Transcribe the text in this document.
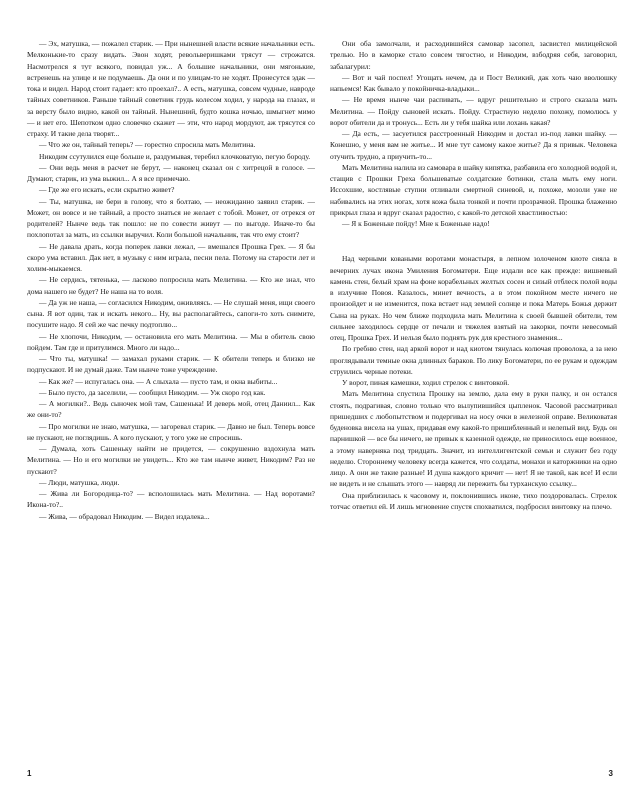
— Эх, матушка, — пожалел старик. — При нынешней власти всякие начальники есть. Мелконькие-то сразу видать. Эвон ходят, револьверишками трясут — строжатся. Насмотрелся я тут всякого, повидал уж... А большие начальники, они мягонькие, встренешь на улице и не подумаешь. Да они и по улицам-то не ходят. Пронесутся эдак — тока и видел. Народ стоит гадает: кто проехал?.. А есть, матушка, совсем чудные, навроде тайных советников. Раньше тайный советник грудь колесом ходил, у народа на глазах, и за версту было видно, какой он тайный. Нынешний, будто кошка ночью, шмыгнет мимо — и нет его. Шепотком одно словечко скажет — эти, что народ мордуют, аж трясутся со страху. И такие дела творят...

— Что же он, тайный теперь? — горестно спросила мать Мелитина.

Никодим ссутулился еще больше и, раздумывая, теребил клочковатую, пегую бороду.

— Они ведь меня в расчет не берут, — наконец сказал он с хитрецой в голосе. — Думают, старик, из ума выжил... А я все примечаю.

— Где же его искать, если скрытно живет?

— Ты, матушка, не бери в голову, что я болтаю, — неожиданно заявил старик. — Может, он вовсе и не тайный, а просто знаться не желает с тобой. Может, от отрекся от родителей? Нынче ведь так пошло: не по совести живут — по выгоде. Иначе-то бы похлопотал за мать, из ссылки выручил. Коли большой начальник, так что ему стоит?

— Не давала драть, когда поперек лавки лежал, — вмешался Прошка Грех. — Я бы скоро ума вставил. Дак нет, в музыку с ним играла, песни пела. Потому на старости лет и холим-мыкаемся.

— Не сердись, тятенька, — ласково попросила мать Мелитина. — Кто же знал, что дома нашего не будет? Не наша на то воля.

— Да уж не наша, — согласился Никодим, оживляясь. — Не слушай меня, ищи своего сына. Я вот один, так и искать некого... Ну, вы располагайтесь, сапоги-то хоть снимите, посушите надо. Я сей же час печку подтоплю...

— Не хлопочи, Никодим, — остановила его мать Мелитина. — Мы в обитель свою пойдем. Там где и притулимся. Много ли надо...

— Что ты, матушка! — замахал руками старик. — К обители теперь и близко не подпускают. И не думай даже. Там нынче тоже учреждение.

— Как же? — испугалась она. — А слыхала — пусто там, и окна выбиты...

— Было пусто, да заселили, — сообщил Никодим. — Уж скоро год как.

— А могилки?.. Ведь сыночек мой там, Сашенька! И деверь мой, отец Даниил... Как же они-то?

— Про могилки не знаю, матушка, — загоревал старик. — Давно не был. Теперь вовсе не пускают, не поглядишь. А кого пускают, у того уже не спросишь.

— Думала, хоть Сашеньку найти не придется, — сокрушенно вздохнула мать Мелитина. — Но и его могилки не увидеть... Кто же там нынче живет, Никодим? Раз не пускают?

— Люди, матушка, люди.

— Жива ли Богородица-то? — всполошилась мать Мелитина. — Над воротами? Икона-то?..

— Жива, — обрадовал Никодим. — Видел издалека...

Они оба замолчали, и расходившийся самовар засопел, засвистел милицейской трелью. Но в каморке стало совсем тягостно, и Никодим, взбодряя себя, заговорил, забалагурил:

— Вот и чай поспел! Угощать нечем, да и Пост Великий, дак хоть чаю вволюшку напьемся! Как бывало у покойничка-владыки...

— Не время нынче чаи распивать, — вдруг решительно и строго сказала мать Мелитина. — Пойду сыновей искать. Пойду. Страстную неделю похожу, помолюсь у ворот обители да и тронусь... Есть ли у тебя шайка или лохань какая?

— Да есть, — засуетился расстроенный Никодим и достал из-под лавки шайку. — Конешно, у меня вам не житье... И мне тут самому какое житье? Да я привык. Человека отучить трудно, а приучить-то...

Мать Мелитина налила из самовара в шайку кипятка, разбавила его холодной водой и, стащив с Прошки Греха большеватые солдатские ботинки, стала мыть ему ноги. Иссохшие, костлявые ступни отливали смертной синевой, и, похоже, мозоли уже не набивались на этих ногах, хотя кожа была тонкой и почти прозрачной. Прошка блаженно прикрыл глаза и вдруг сказал радостно, с какой-то детской хвастливостью:

— Я к Боженьке пойду! Мне к Боженьке надо!

Над черными коваными воротами монастыря, в лепном золоченом киоте сияла в вечерних лучах икона Умиления Богоматери. Еще издали все как прежде: вишневый камень стен, белый храм на фоне корабельных желтых сосен и сизый отблеск полой воды в излучине Повоя. Казалось, минет вечность, а в этом покойном месте ничего не произойдет и не изменится, пока встает над землей солнце и пока Матерь Божья держит Сына на руках. Но чем ближе подходила мать Мелитина к своей бывшей обители, тем сильнее заходилось сердце от печали и тяжелея взятый на закорки, почти невесомый отец, Прошка Грех. И нельзя было поднять рук для крестного знамения...

По гребню стен, над аркой ворот и над киотом тянулась колючая проволока, а за нею проглядывали темные окна длинных бараков. По лику Богоматери, по ее рукам и одеждам струились черные потеки.

У ворот, пиная камешки, ходил стрелок с винтовкой.

Мать Мелитина спустила Прошку на землю, дала ему в руки палку, и он остался стоять, подрагивая, словно только что вылупившийся цыпленок. Часовой рассматривал пришедших с любопытством и подергивал на носу очки в железной оправе. Великоватая буденовка висела на ушах, придавая ему какой-то пришибленный и нелепый вид. Будь он парнишкой — все бы ничего, не привык к казенной одежде, не приносилось еще военное, а этому наверняка под тридцать. Значит, из интеллигентской семьи и служит без году неделю. Стороннему человеку всегда кажется, что солдаты, монахи и каторжники на одно лицо. А они же такие разные! И душа каждого кричит — нет! Я не такой, как все! И если не видеть и не слышать этого — навряд ли пережить бы турханскую ссылку...

Она приблизилась к часовому и, поклонившись иконе, тихо поздоровалась. Стрелок тотчас ответил ей. И лишь мгновение спустя спохватился, подбросил винтовку на плечо.

1	3
